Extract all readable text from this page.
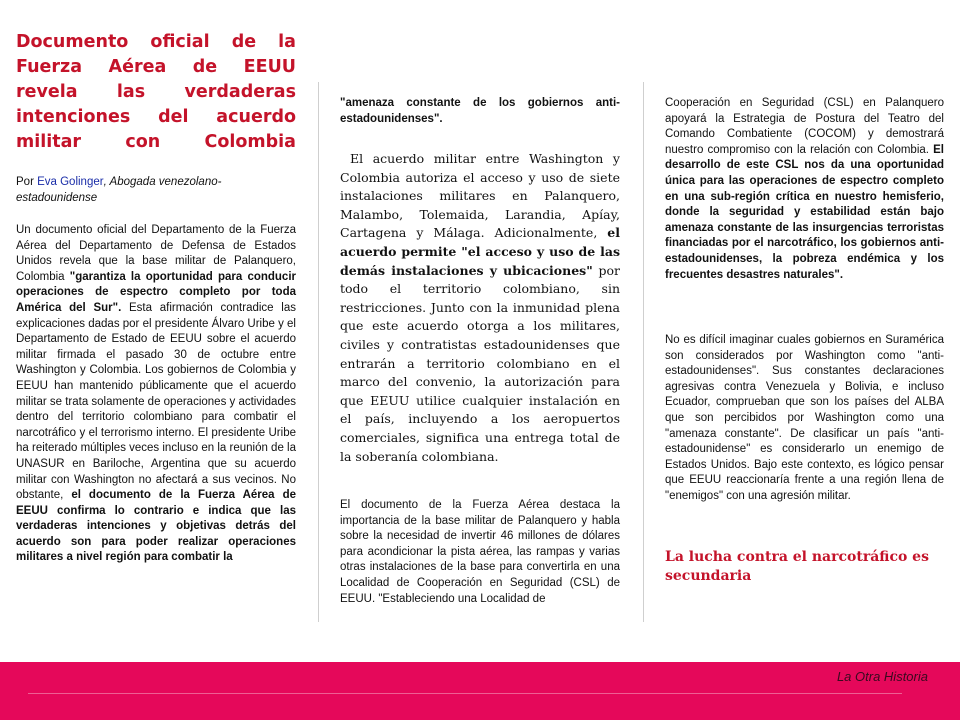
Documento oficial de la Fuerza Aérea de EEUU revela las verdaderas intenciones del acuerdo militar con Colombia

Por Eva Golinger, Abogada venezolano-estadounidense

Un documento oficial del Departamento de la Fuerza Aérea del Departamento de Defensa de Estados Unidos revela que la base militar de Palanquero, Colombia "garantiza la oportunidad para conducir operaciones de espectro completo por toda América del Sur". Esta afirmación contradice las explicaciones dadas por el presidente Álvaro Uribe y el Departamento de Estado de EEUU sobre el acuerdo militar firmada el pasado 30 de octubre entre Washington y Colombia. Los gobiernos de Colombia y EEUU han mantenido públicamente que el acuerdo militar se trata solamente de operaciones y actividades dentro del territorio colombiano para combatir el narcotráfico y el terrorismo interno. El presidente Uribe ha reiterado múltiples veces incluso en la reunión de la UNASUR en Bariloche, Argentina que su acuerdo militar con Washington no afectará a sus vecinos. No obstante, el documento de la Fuerza Aérea de EEUU confirma lo contrario e indica que las verdaderas intenciones y objetivas detrás del acuerdo son para poder realizar operaciones militares a nivel región para combatir la

"amenaza constante de los gobiernos anti-estadounidenses".

El acuerdo militar entre Washington y Colombia autoriza el acceso y uso de siete instalaciones militares en Palanquero, Malambo, Tolemaida, Larandia, Apíay, Cartagena y Málaga. Adicionalmente, el acuerdo permite "el acceso y uso de las demás instalaciones y ubicaciones" por todo el territorio colombiano, sin restricciones. Junto con la inmunidad plena que este acuerdo otorga a los militares, civiles y contratistas estadounidenses que entrarán a territorio colombiano en el marco del convenio, la autorización para que EEUU utilice cualquier instalación en el país, incluyendo a los aeropuertos comerciales, significa una entrega total de la soberanía colombiana.

El documento de la Fuerza Aérea destaca la importancia de la base militar de Palanquero y habla sobre la necesidad de invertir 46 millones de dólares para acondicionar la pista aérea, las rampas y varias otras instalaciones de la base para convertirla en una Localidad de Cooperación en Seguridad (CSL) de EEUU. "Estableciendo una Localidad de

Cooperación en Seguridad (CSL) en Palanquero apoyará la Estrategia de Postura del Teatro del Comando Combatiente (COCOM) y demostrará nuestro compromiso con la relación con Colombia. El desarrollo de este CSL nos da una oportunidad única para las operaciones de espectro completo en una sub-región crítica en nuestro hemisferio, donde la seguridad y estabilidad están bajo amenaza constante de las insurgencias terroristas financiadas por el narcotráfico, los gobiernos anti-estadounidenses, la pobreza endémica y los frecuentes desastres naturales".

No es difícil imaginar cuales gobiernos en Suramérica son considerados por Washington como "anti-estadounidenses". Sus constantes declaraciones agresivas contra Venezuela y Bolivia, e incluso Ecuador, comprueban que son los países del ALBA que son percibidos por Washington como una "amenaza constante". De clasificar un país "anti-estadounidense" es considerarlo un enemigo de Estados Unidos. Bajo este contexto, es lógico pensar que EEUU reaccionaría frente a una región llena de "enemigos" con una agresión militar.

La lucha contra el narcotráfico es secundaria
La Otra Historia
